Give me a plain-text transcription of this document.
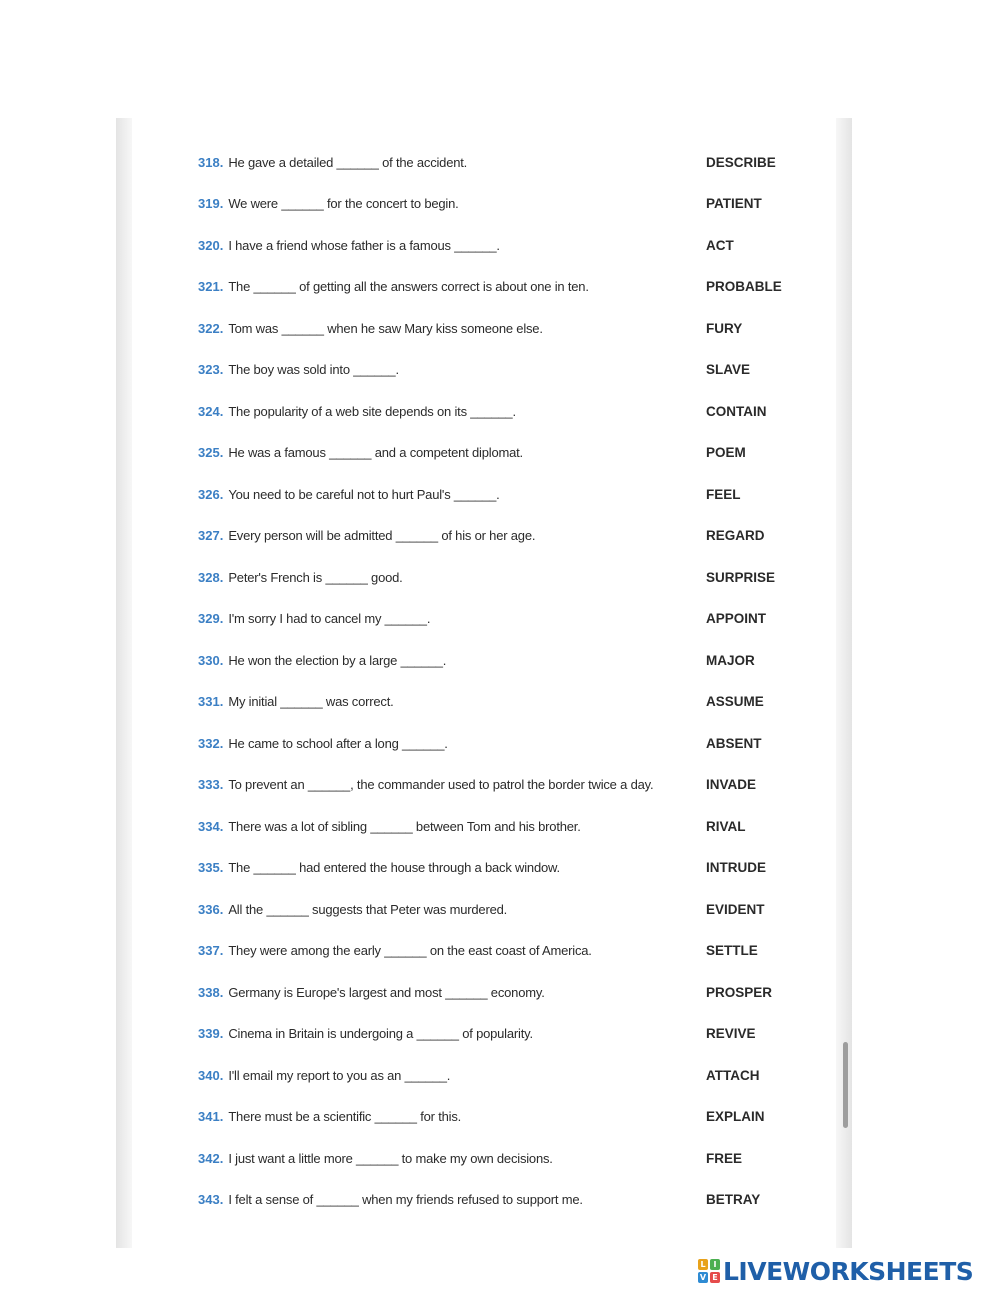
318. He gave a detailed ______ of the accident.	DESCRIBE
319. We were ______ for the concert to begin.	PATIENT
320. I have a friend whose father is a famous ______.	ACT
321. The ______ of getting all the answers correct is about one in ten.	PROBABLE
322. Tom was ______ when he saw Mary kiss someone else.	FURY
323. The boy was sold into ______.	SLAVE
324. The popularity of a web site depends on its ______.	CONTAIN
325. He was a famous ______ and a competent diplomat.	POEM
326. You need to be careful not to hurt Paul's ______.	FEEL
327. Every person will be admitted ______ of his or her age.	REGARD
328. Peter's French is ______ good.	SURPRISE
329. I'm sorry I had to cancel my ______.	APPOINT
330. He won the election by a large ______.	MAJOR
331. My initial ______ was correct.	ASSUME
332. He came to school after a long ______.	ABSENT
333. To prevent an ______, the commander used to patrol the border twice a day.	INVADE
334. There was a lot of sibling ______ between Tom and his brother.	RIVAL
335. The ______ had entered the house through a back window.	INTRUDE
336. All the ______ suggests that Peter was murdered.	EVIDENT
337. They were among the early ______ on the east coast of America.	SETTLE
338. Germany is Europe's largest and most ______ economy.	PROSPER
339. Cinema in Britain is undergoing a ______ of popularity.	REVIVE
340. I'll email my report to you as an ______.	ATTACH
341. There must be a scientific ______ for this.	EXPLAIN
342. I just want a little more ______ to make my own decisions.	FREE
343. I felt a sense of ______ when my friends refused to support me.	BETRAY
L I
V E LIVEWORKSHEETS
